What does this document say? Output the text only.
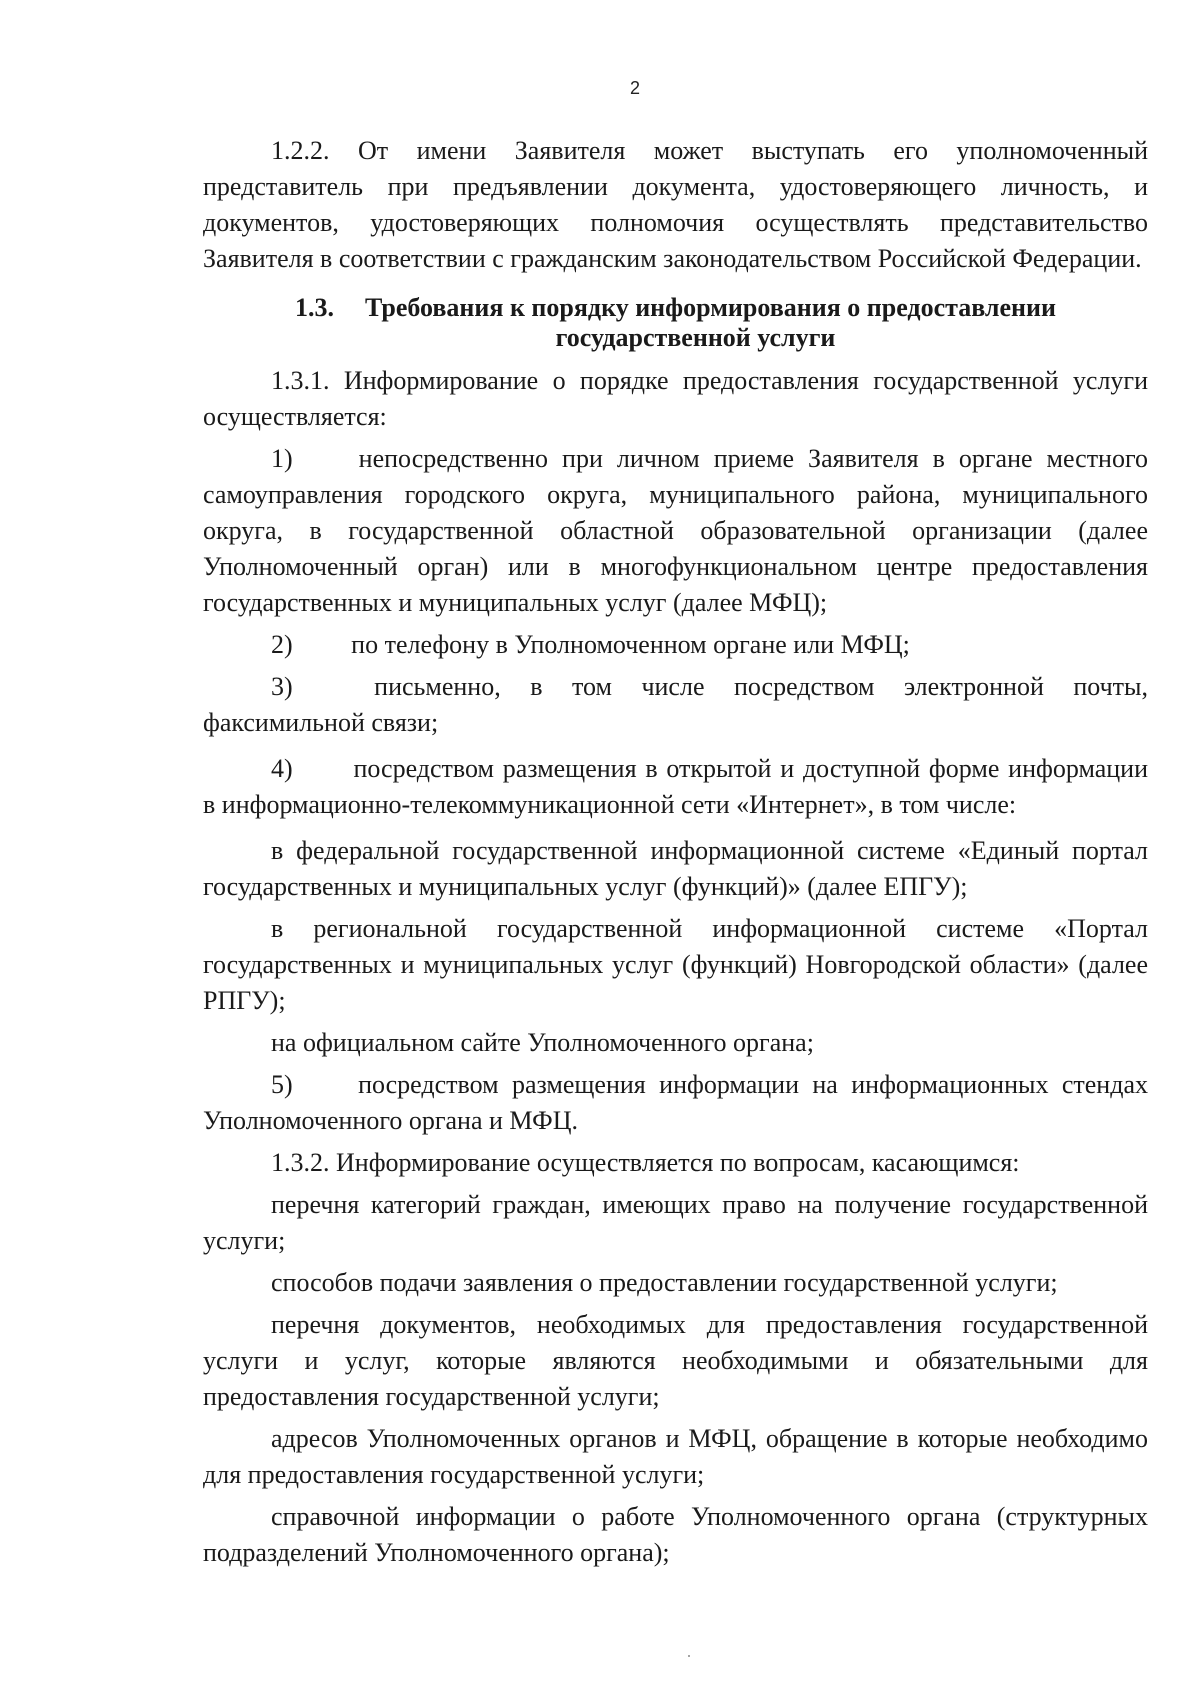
2

1.2.2. От имени Заявителя может выступать его уполномоченный представитель при предъявлении документа, удостоверяющего личность, и документов, удостоверяющих полномочия осуществлять представительство Заявителя в соответствии с гражданским законодательством Российской Федерации.

1.3. Требования к порядку информирования о предоставлении
государственной услуги

1.3.1. Информирование о порядке предоставления государственной услуги осуществляется:

1)  	непосредственно при личном приеме Заявителя в органе местного самоуправления городского округа, муниципального района, муниципального округа, в государственной областной образовательной организации (далее Уполномоченный орган) или в многофункциональном центре предоставления государственных и муниципальных услуг (далее МФЦ);

2)   по телефону в Уполномоченном органе или МФЦ;

3)  	письменно, в том числе посредством электронной почты, факсимильной связи;

4)   посредством размещения в открытой и доступной форме информации в информационно-телекоммуникационной сети «Интернет», в том числе:

в федеральной государственной информационной системе «Единый портал государственных и муниципальных услуг (функций)» (далее ЕПГУ);

в региональной государственной информационной системе «Портал государственных и муниципальных услуг (функций) Новгородской области» (далее РПГУ);

на официальном сайте Уполномоченного органа;

5)  	посредством размещения информации на информационных стендах Уполномоченного органа и МФЦ.

1.3.2. Информирование осуществляется по вопросам, касающимся:

перечня категорий граждан, имеющих право на получение государственной услуги;

способов подачи заявления о предоставлении государственной услуги;

перечня документов, необходимых для предоставления государственной услуги и услуг, которые являются необходимыми и обязательными для предоставления государственной услуги;

адресов Уполномоченных органов и МФЦ, обращение в которые необходимо для предоставления государственной услуги;

справочной информации о работе Уполномоченного органа (структурных подразделений Уполномоченного органа);
